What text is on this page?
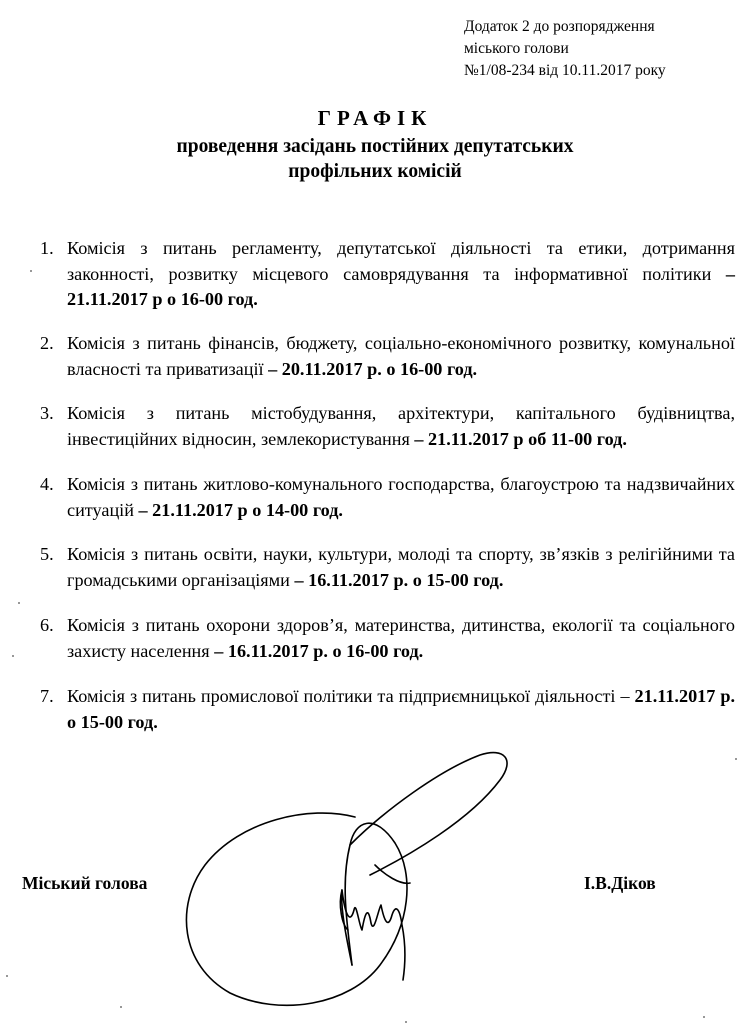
Додаток 2 до розпорядження
міського голови
№1/08-234 від 10.11.2017 року
ГРАФІК
проведення засідань постійних депутатських
профільних комісій
1. Комісія з питань регламенту, депутатської діяльності та етики, дотримання законності, розвитку місцевого самоврядування та інформативної політики – 21.11.2017 р о 16-00 год.
2. Комісія з питань фінансів, бюджету, соціально-економічного розвитку, комунальної власності та приватизації – 20.11.2017 р. о 16-00 год.
3. Комісія з питань містобудування, архітектури, капітального будівництва, інвестиційних відносин, землекористування – 21.11.2017 р об 11-00 год.
4. Комісія з питань житлово-комунального господарства, благоустрою та надзвичайних ситуацій – 21.11.2017 р о 14-00 год.
5. Комісія з питань освіти, науки, культури, молоді та спорту, зв’язків з релігійними та громадськими організаціями – 16.11.2017 р. о 15-00 год.
6. Комісія з питань охорони здоров’я, материнства, дитинства, екології та соціального захисту населення – 16.11.2017 р. о 16-00 год.
7. Комісія з питань промислової політики та підприємницької діяльності – 21.11.2017 р. о 15-00 год.
Міський голова	І.В.Діков
